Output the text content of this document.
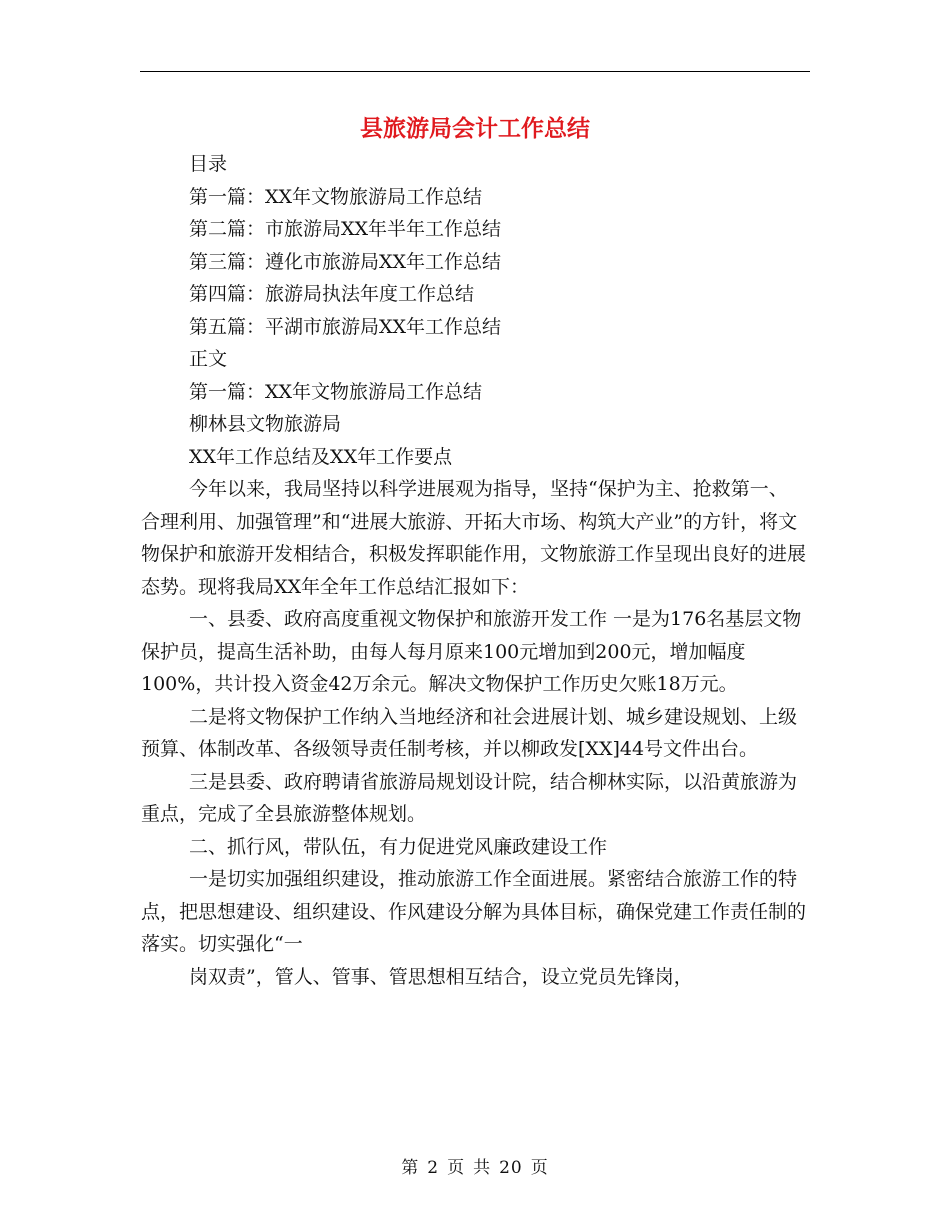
县旅游局会计工作总结

目录

第一篇：XX年文物旅游局工作总结

第二篇：市旅游局XX年半年工作总结

第三篇：遵化市旅游局XX年工作总结

第四篇：旅游局执法年度工作总结

第五篇：平湖市旅游局XX年工作总结

正文

第一篇：XX年文物旅游局工作总结

柳林县文物旅游局

XX年工作总结及XX年工作要点

今年以来，我局坚持以科学进展观为指导，坚持“保护为主、抢救第一、合理利用、加强管理”和“进展大旅游、开拓大市场、构筑大产业”的方针，将文物保护和旅游开发相结合，积极发挥职能作用，文物旅游工作呈现出良好的进展态势。现将我局XX年全年工作总结汇报如下：

一、县委、政府高度重视文物保护和旅游开发工作 一是为176名基层文物保护员，提高生活补助，由每人每月原来100元增加到200元，增加幅度100%，共计投入资金42万余元。解决文物保护工作历史欠账18万元。

二是将文物保护工作纳入当地经济和社会进展计划、城乡建设规划、上级预算、体制改革、各级领导责任制考核，并以柳政发[XX]44号文件出台。

三是县委、政府聘请省旅游局规划设计院，结合柳林实际，以沿黄旅游为重点，完成了全县旅游整体规划。

二、抓行风，带队伍，有力促进党风廉政建设工作

一是切实加强组织建设，推动旅游工作全面进展。紧密结合旅游工作的特点，把思想建设、组织建设、作风建设分解为具体目标，确保党建工作责任制的落实。切实强化“一

岗双责”，管人、管事、管思想相互结合，设立党员先锋岗，

第 2 页 共 20 页
